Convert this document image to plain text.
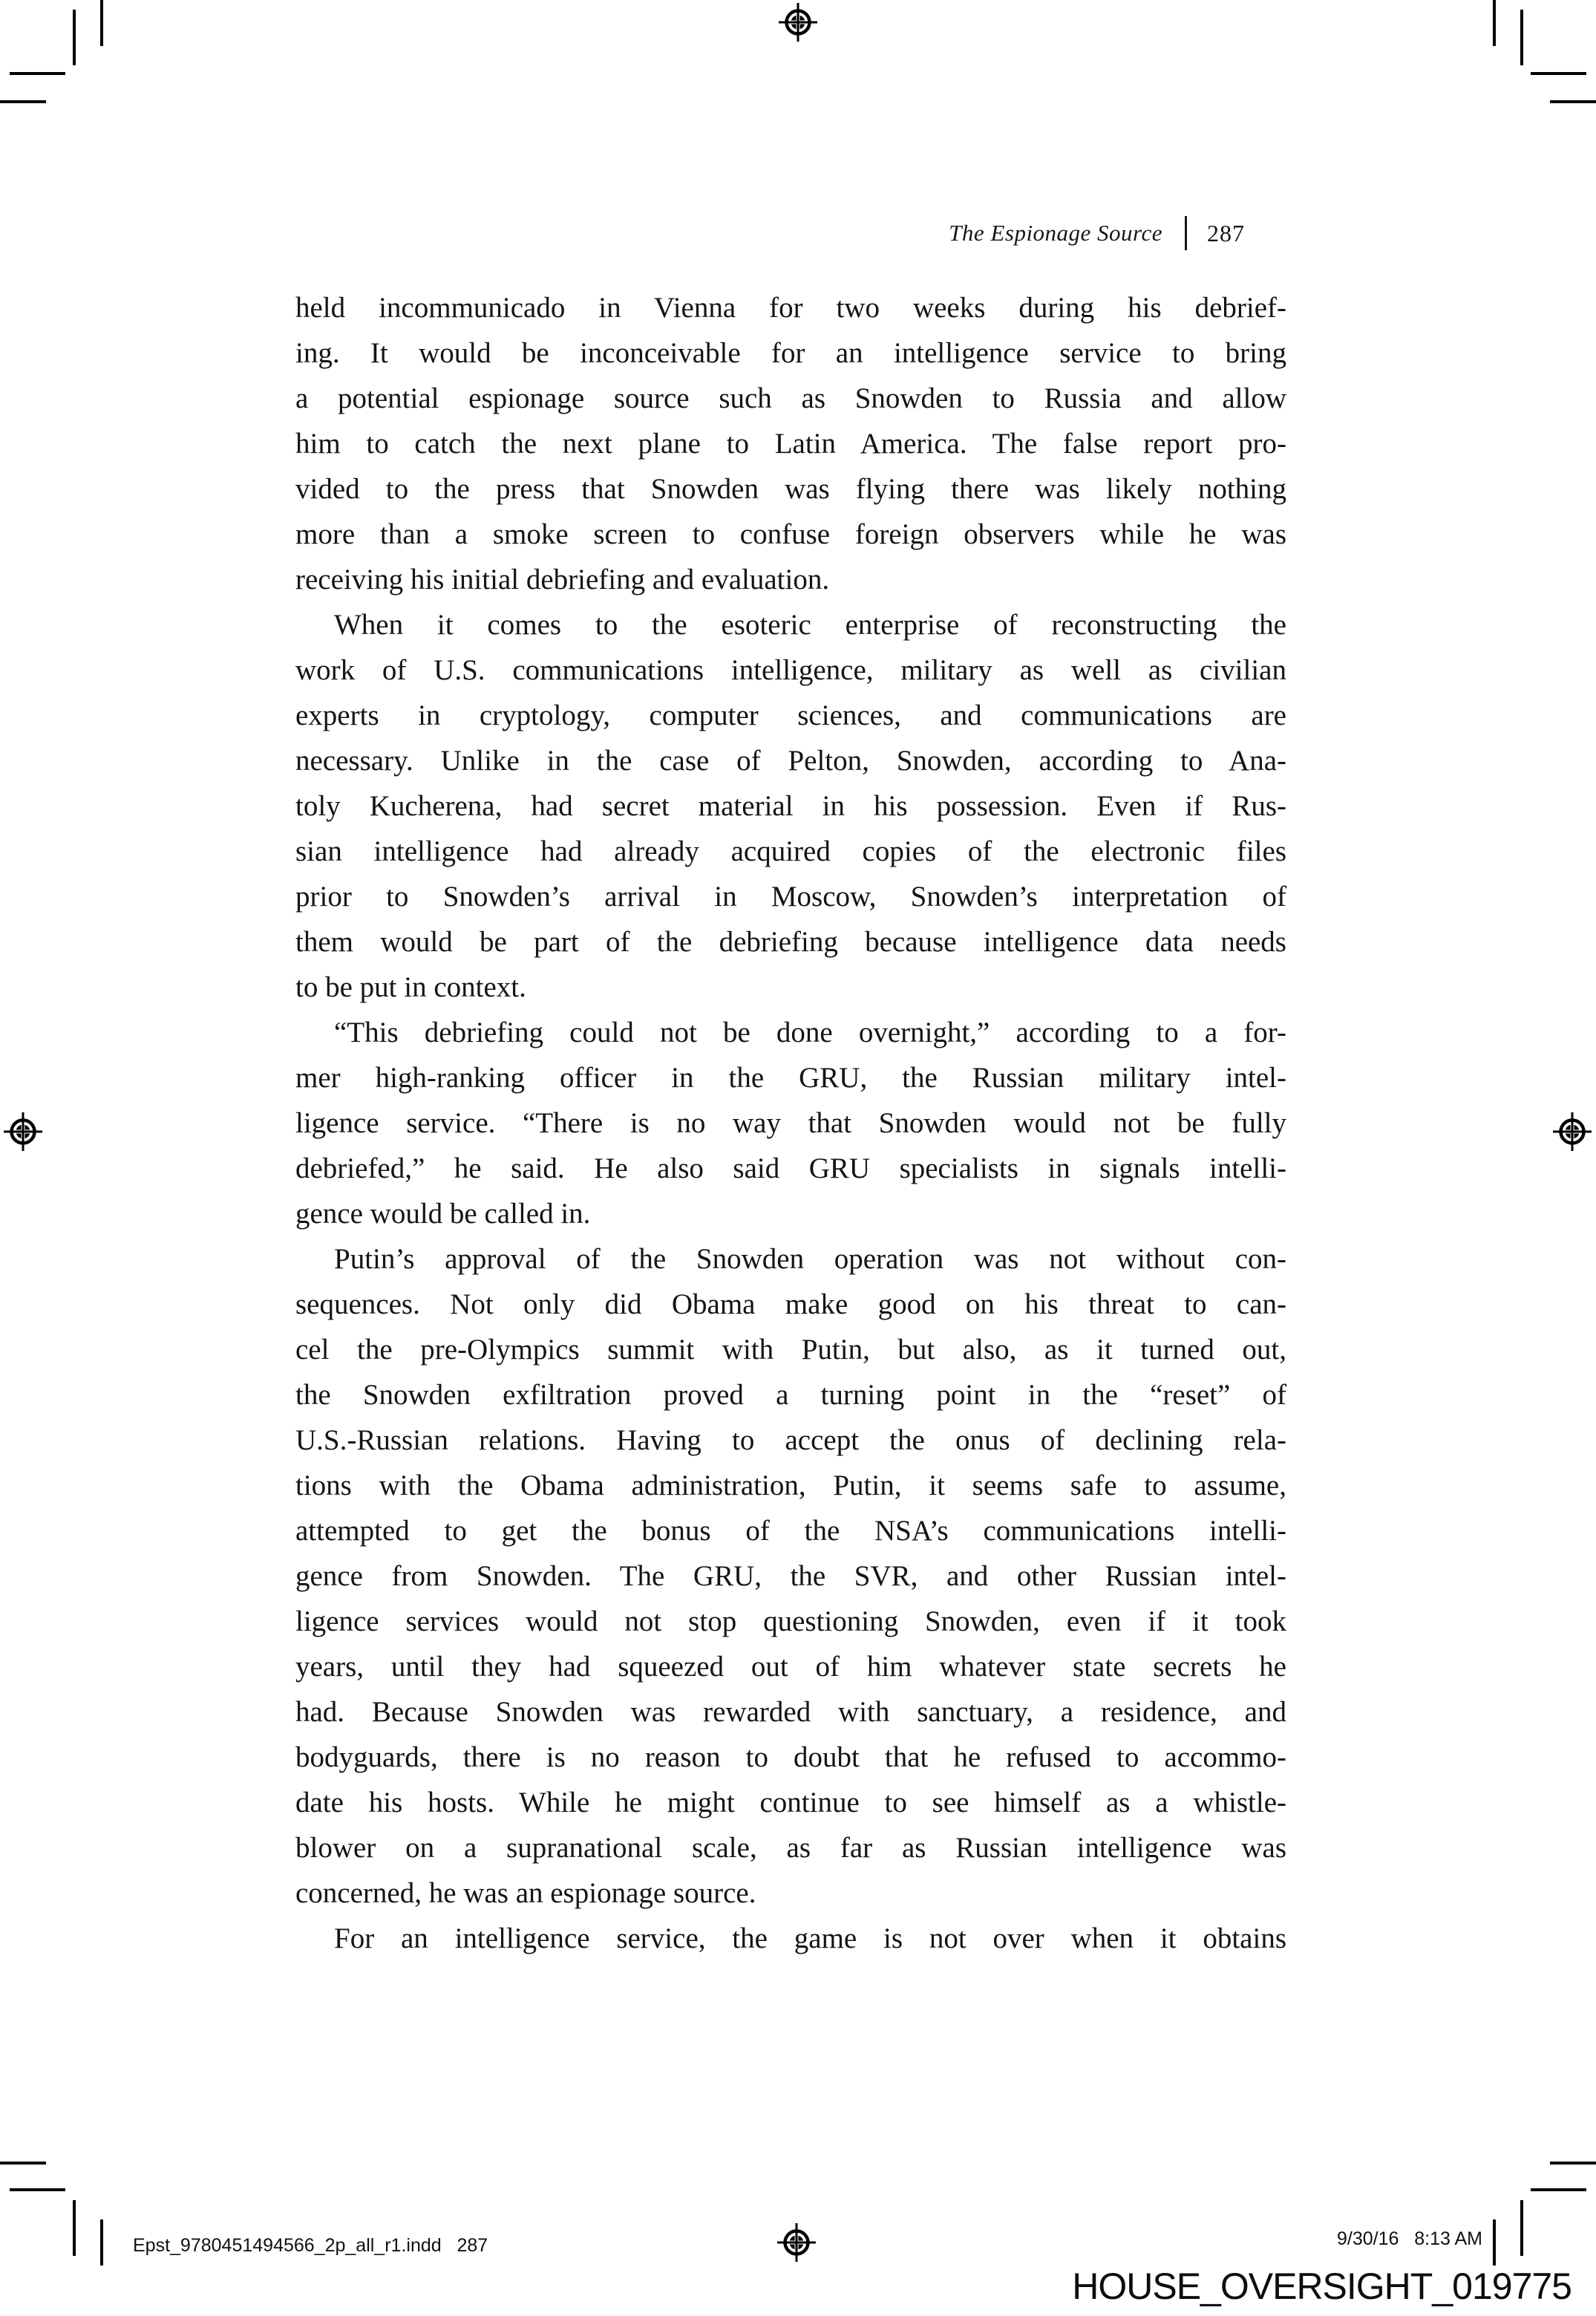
The Espionage Source 287
held incommunicado in Vienna for two weeks during his debrief-
ing. It would be inconceivable for an intelligence service to bring
a potential espionage source such as Snowden to Russia and allow
him to catch the next plane to Latin America. The false report pro-
vided to the press that Snowden was flying there was likely nothing
more than a smoke screen to confuse foreign observers while he was
receiving his initial debriefing and evaluation.
When it comes to the esoteric enterprise of reconstructing the
work of U.S. communications intelligence, military as well as civilian
experts in cryptology, computer sciences, and communications are
necessary. Unlike in the case of Pelton, Snowden, according to Ana-
toly Kucherena, had secret material in his possession. Even if Rus-
sian intelligence had already acquired copies of the electronic files
prior to Snowden’s arrival in Moscow, Snowden’s interpretation of
them would be part of the debriefing because intelligence data needs
to be put in context.
“This debriefing could not be done overnight,” according to a for-
mer high-ranking officer in the GRU, the Russian military intel-
ligence service. “There is no way that Snowden would not be fully
debriefed,” he said. He also said GRU specialists in signals intelli-
gence would be called in.
Putin’s approval of the Snowden operation was not without con-
sequences. Not only did Obama make good on his threat to can-
cel the pre-Olympics summit with Putin, but also, as it turned out,
the Snowden exfiltration proved a turning point in the “reset” of
U.S.-Russian relations. Having to accept the onus of declining rela-
tions with the Obama administration, Putin, it seems safe to assume,
attempted to get the bonus of the NSA’s communications intelli-
gence from Snowden. The GRU, the SVR, and other Russian intel-
ligence services would not stop questioning Snowden, even if it took
years, until they had squeezed out of him whatever state secrets he
had. Because Snowden was rewarded with sanctuary, a residence, and
bodyguards, there is no reason to doubt that he refused to accommo-
date his hosts. While he might continue to see himself as a whistle-
blower on a supranational scale, as far as Russian intelligence was
concerned, he was an espionage source.
For an intelligence service, the game is not over when it obtains
Epst_9780451494566_2p_all_r1.indd   287	9/30/16   8:13 AM
HOUSE_OVERSIGHT_019775
